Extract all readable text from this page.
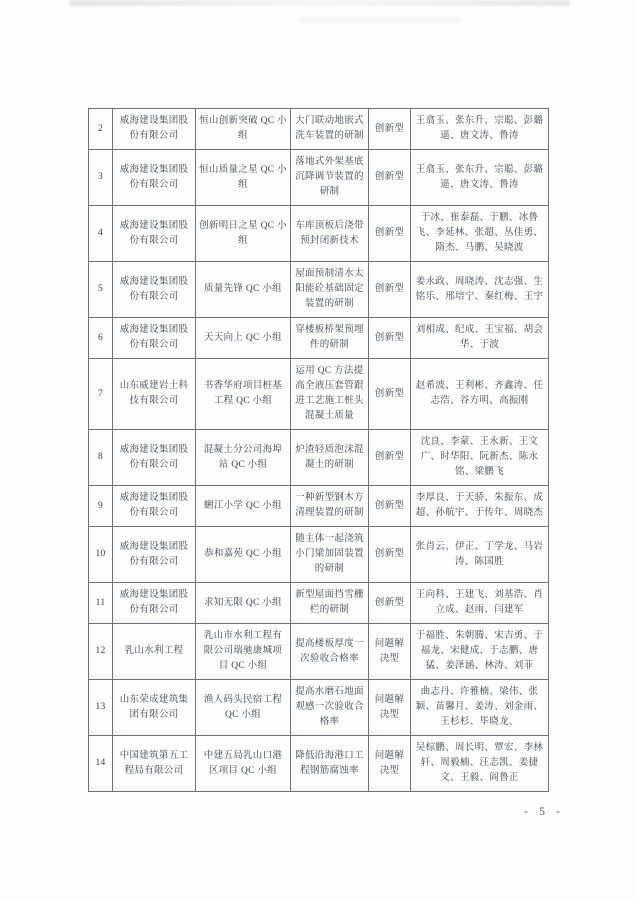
2	威海建设集团股份有限公司	恒山创新突破 QC 小组	大门联动地嵌式洗车装置的研制	创新型	王翕玉、张东升、宗聪、彭璐遥、唐文涛、鲁涛
3	威海建设集团股份有限公司	恒山质量之星 QC 小组	落地式外架基底沉降调节装置的研制	创新型	王翕玉、张东升、宗聪、彭璐遥、唐文涛、鲁涛
4	威海建设集团股份有限公司	创新明日之星 QC 小组	车库顶板后浇带预封闭新技术	创新型	于冰、崔泰磊、于鹏、冰鲁飞、李延林、张超、丛佳勇、隋杰、马鹏、吴晓波
5	威海建设集团股份有限公司	质量先锋 QC 小组	屋面预制清水太阳能砼基础固定装置的研制	创新型	姜永政、周晓涛、沈志强、生铭乐、邢培宁、秦红梅、王宇
6	威海建设集团股份有限公司	天天向上 QC 小组	穿楼板桥架预埋件的研制	创新型	刘相成、纪成、王宝福、胡会华、于波
7	山东威建岩土科技有限公司	书香华府项目桩基工程 QC 小组	运用 QC 方法提高全液压套管跟进工艺施工桩头混凝土质量	创新型	赵希波、王利彬、齐鑫涛、任志浩、谷方明、高振刚
8	威海建设集团股份有限公司	混凝土分公司海埠站 QC 小组	炉渣轻质泡沫混凝土的研制	创新型	沈良、李蒙、王永新、王文广、时华阳、阮新杰、陈永铭、梁鹏飞
9	威海建设集团股份有限公司	蜊江小学 QC 小组	一种新型钢木方清理装置的研制	创新型	李厚良、于天骄、朱振东、成超、孙航宇、于传年、周晓杰
10	威海建设集团股份有限公司	恭和嘉苑 QC 小组	随主体一起浇筑小门梁加固装置的研制	创新型	张肖云、伊正、丁学龙、马岩涛、陈国胜
11	威海建设集团股份有限公司	求知无限 QC 小组	新型屋面挡雪栅栏的研制	创新型	王向科、王建飞、刘基浩、肖立成、赵雨、闫建军
12	乳山水利工程	乳山市水利工程有限公司瑞驰康城项目 QC 小组	提高楼板厚度一次验收合格率	问题解决型	于福胜、朱朝腾、宋吉勇、于福龙、宋健成、于志鹏、唐猛、姜泽涵、林涛、刘菲
13	山东荣成建筑集团有限公司	渔人码头民宿工程 QC 小组	提高水磨石地面观感一次验收合格率	问题解决型	曲志丹、许雅楠、梁伟、张颖、苗馨月、姜涛、刘金雨、王杉杉、毕晓龙、
14	中国建筑第五工程局有限公司	中建五局乳山口港区项目 QC 小组	降低沿海港口工程钢筋腐蚀率	问题解决型	吴棕鹏、周长明、覃宏、李林轩、周毅楠、汪志凯、姜捷文、王毅、阎鲁正
- 5 -
